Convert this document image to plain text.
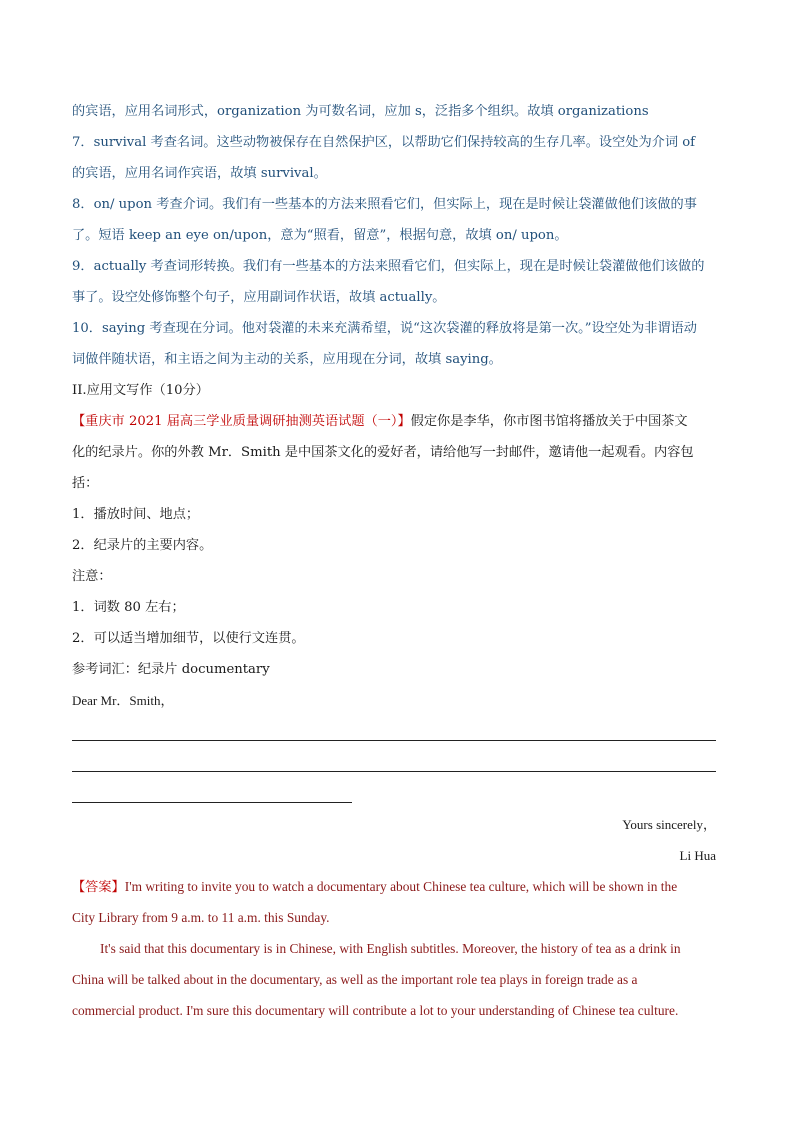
的宾语，应用名词形式，organization 为可数名词，应加 s，泛指多个组织。故填 organizations
7．survival 考查名词。这些动物被保存在自然保护区，以帮助它们保持较高的生存几率。设空处为介词 of
的宾语，应用名词作宾语，故填 survival。
8．on/ upon 考查介词。我们有一些基本的方法来照看它们，但实际上，现在是时候让袋灌做他们该做的事
了。短语 keep an eye on/upon，意为“照看，留意”，根据句意，故填 on/ upon。
9．actually 考查词形转换。我们有一些基本的方法来照看它们，但实际上，现在是时候让袋灌做他们该做的
事了。设空处修饰整个句子，应用副词作状语，故填 actually。
10．saying 考查现在分词。他对袋灌的未来充满希望，说“这次袋灌的释放将是第一次。”设空处为非谓语动
词做伴随状语，和主语之间为主动的关系，应用现在分词，故填 saying。
II.应用文写作（10分）
【重庆市 2021 届高三学业质量调研抽测英语试题（一）】假定你是李华，你市图书馆将播放关于中国茶文
化的纪录片。你的外教 Mr．Smith 是中国茶文化的爱好者，请给他写一封邮件，邀请他一起观看。内容包
括：
1．播放时间、地点；
2．纪录片的主要内容。
注意：
1．词数 80 左右；
2．可以适当增加细节，以使行文连贯。
参考词汇：纪录片 documentary
Dear Mr．Smith，
Yours sincerely，
Li Hua
【答案】I'm writing to invite you to watch a documentary about Chinese tea culture, which will be shown in the
City Library from 9 a.m. to 11 a.m. this Sunday.
It's said that this documentary is in Chinese, with English subtitles. Moreover, the history of tea as a drink in
China will be talked about in the documentary, as well as the important role tea plays in foreign trade as a
commercial product. I'm sure this documentary will contribute a lot to your understanding of Chinese tea culture.
